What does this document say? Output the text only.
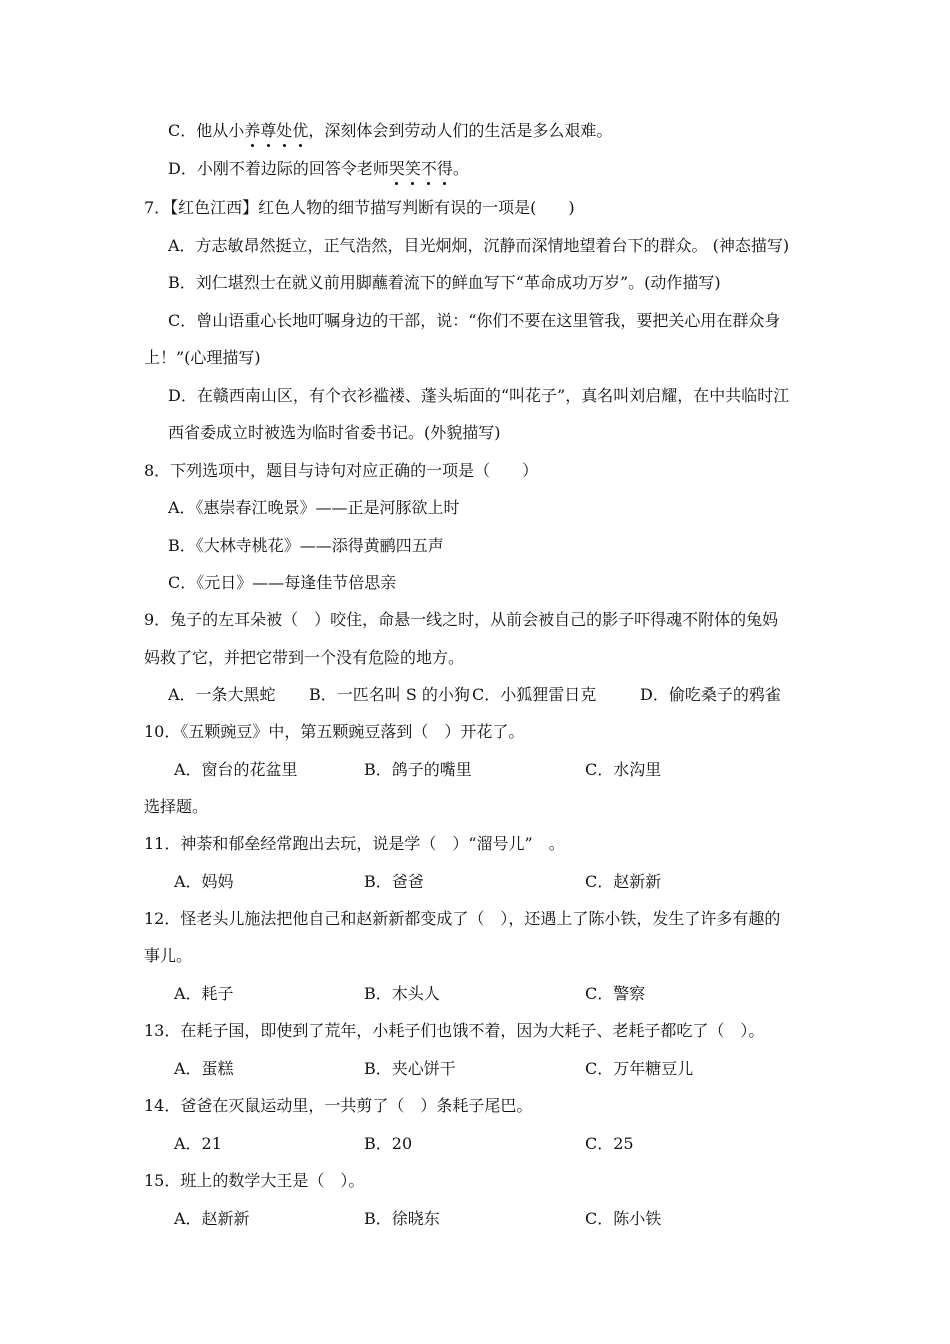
C．他从小养尊处优，深刻体会到劳动人们的生活是多么艰难。
D．小刚不着边际的回答令老师哭笑不得。
7．【红色江西】红色人物的细节描写判断有误的一项是(　　)
A．方志敏昂然挺立，正气浩然，目光炯炯，沉静而深情地望着台下的群众。 (神态描写)
B．刘仁堪烈士在就义前用脚蘸着流下的鲜血写下“革命成功万岁”。(动作描写)
C．曾山语重心长地叮嘱身边的干部，说：“你们不要在这里管我，要把关心用在群众身
上！”(心理描写)
D．在赣西南山区，有个衣衫褴褛、蓬头垢面的“叫花子”，真名叫刘启耀，在中共临时江
西省委成立时被选为临时省委书记。(外貌描写)
8．下列选项中，题目与诗句对应正确的一项是（　　）
A．《惠崇春江晚景》——正是河豚欲上时
B．《大林寺桃花》——添得黄鹂四五声
C．《元日》——每逢佳节倍思亲
9．兔子的左耳朵被（　）咬住，命悬一线之时，从前会被自己的影子吓得魂不附体的兔妈
妈救了它，并把它带到一个没有危险的地方。
A．一条大黑蛇 B．一匹名叫 S 的小狗 C．小狐狸雷日克	D．偷吃桑子的鸦雀
10．《五颗豌豆》中，第五颗豌豆落到（　）开花了。
A．窗台的花盆里	B．鸽子的嘴里	C．水沟里
选择题。
11．神荼和郁垒经常跑出去玩，说是学（　）“溜号儿”　。
A．妈妈	B．爸爸	C．赵新新
12．怪老头儿施法把他自己和赵新新都变成了（　），还遇上了陈小铁，发生了许多有趣的
事儿。
A．耗子	B．木头人	C．警察
13．在耗子国，即使到了荒年，小耗子们也饿不着，因为大耗子、老耗子都吃了（　）。
A．蛋糕	B．夹心饼干	C．万年糖豆儿
14．爸爸在灭鼠运动里，一共剪了（　）条耗子尾巴。
A．21	B．20	C．25
15．班上的数学大王是（　）。
A．赵新新	B．徐晓东	C．陈小铁
